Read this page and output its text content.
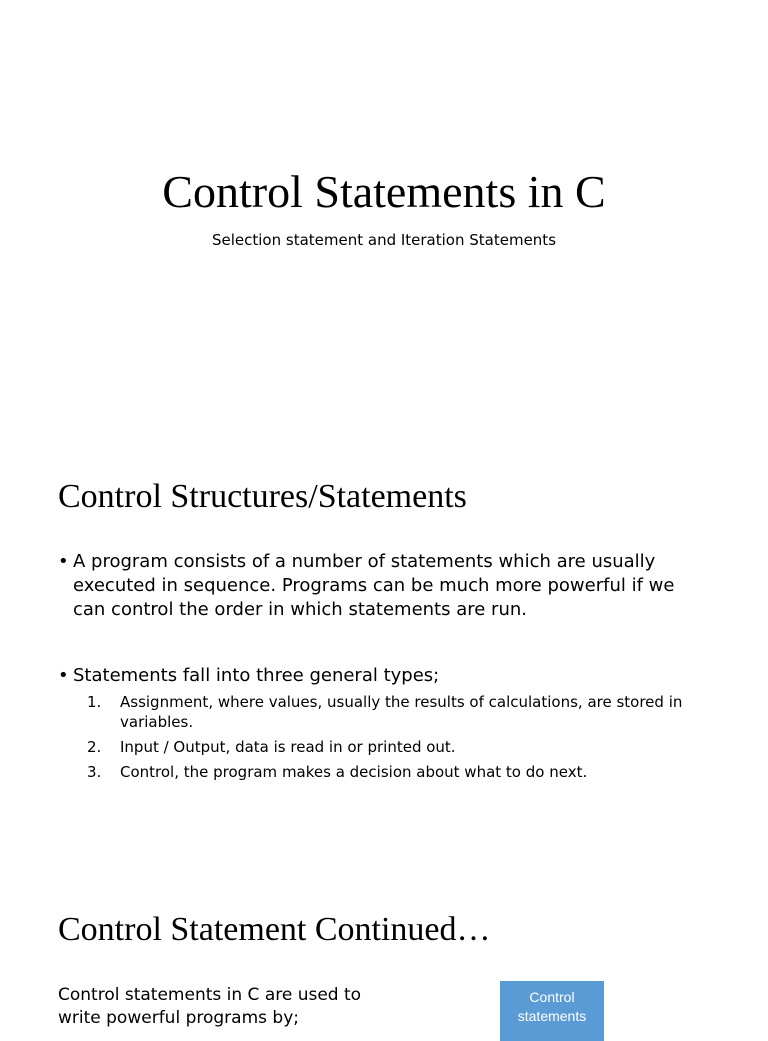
Control Statements in C
Selection statement and Iteration Statements
Control Structures/Statements
• A program consists of a number of statements which are usually executed in sequence. Programs can be much more powerful if we can control the order in which statements are run.
• Statements fall into three general types;
1.	Assignment, where values, usually the results of calculations, are stored in variables.
2.	Input / Output, data is read in or printed out.
3.	Control, the program makes a decision about what to do next.
Control Statement Continued…
Control statements in C are used to write powerful programs by;
Control statements
